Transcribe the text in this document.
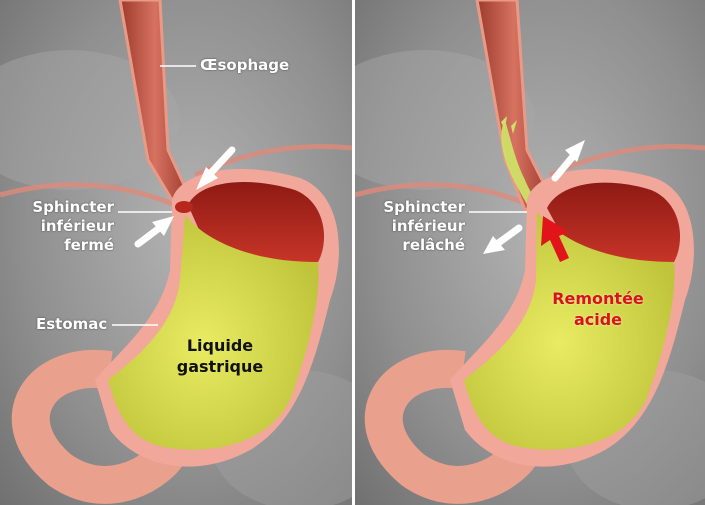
Œsophage
Sphincter
inférieur
fermé
Estomac
Liquide
gastrique
Sphincter
inférieur
relâché
Remontée
acide
